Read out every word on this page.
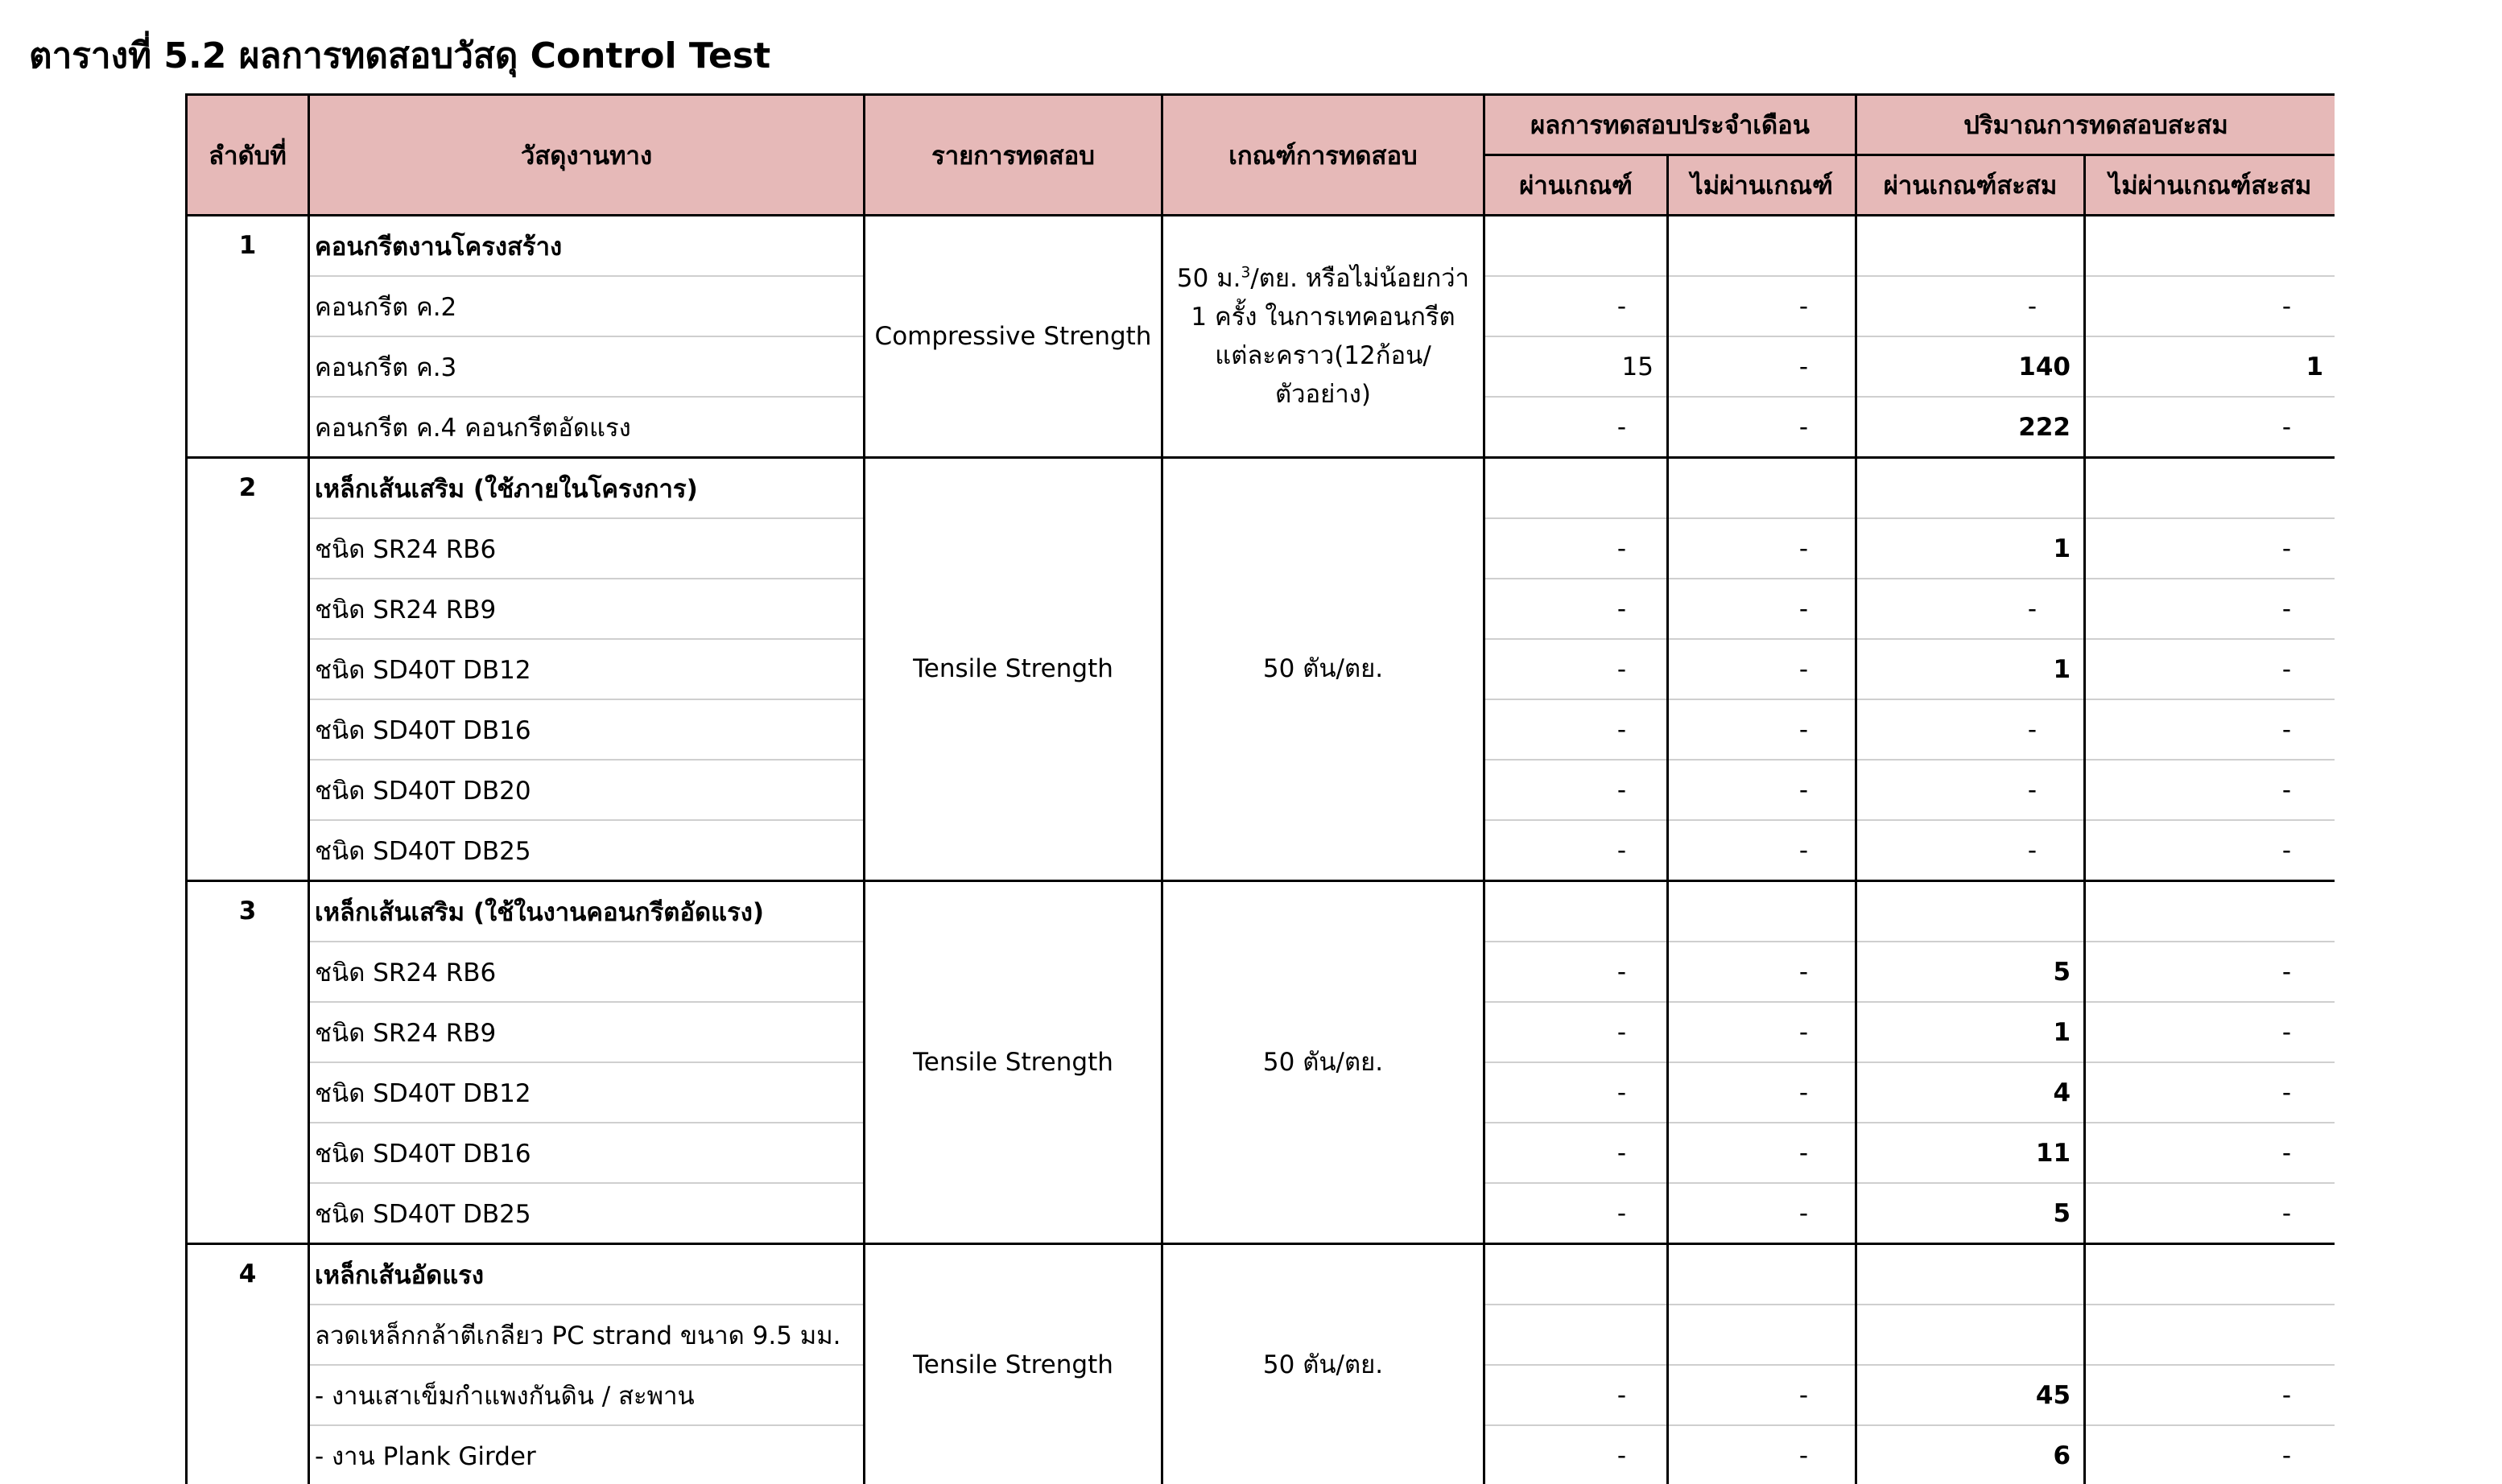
ตารางที่ 5.2 ผลการทดสอบวัสดุ Control Test
ลำดับที่	วัสดุงานทาง	รายการทดสอบ	เกณฑ์การทดสอบ	ผลการทดสอบประจำเดือน		ปริมาณการทดสอบสะสม	
				ผ่านเกณฑ์	ไม่ผ่านเกณฑ์	ผ่านเกณฑ์สะสม	ไม่ผ่านเกณฑ์สะสม
1	คอนกรีตงานโครงสร้าง	Compressive Strength	50 ม.$^3$/ตย. หรือไม่น้อยกว่า 1 ครั้ง ในการเทคอนกรีต แต่ละคราว(12ก้อน/ตัวอย่าง)				
	คอนกรีต ค.2			-	-	-	-
	คอนกรีต ค.3			15	-	140	1
	คอนกรีต ค.4 คอนกรีตอัดแรง			-	-	222	-
2	เหล็กเส้นเสริม (ใช้ภายในโครงการ)	Tensile Strength	50 ตัน/ตย.				
	ชนิด SR24 RB6			-	-	1	-
	ชนิด SR24 RB9			-	-	-	-
	ชนิด SD40T DB12			-	-	1	-
	ชนิด SD40T DB16			-	-	-	-
	ชนิด SD40T DB20			-	-	-	-
	ชนิด SD40T DB25			-	-	-	-
3	เหล็กเส้นเสริม (ใช้ในงานคอนกรีตอัดแรง)	Tensile Strength	50 ตัน/ตย.				
	ชนิด SR24 RB6			-	-	5	-
	ชนิด SR24 RB9			-	-	1	-
	ชนิด SD40T DB12			-	-	4	-
	ชนิด SD40T DB16			-	-	11	-
	ชนิด SD40T DB25			-	-	5	-
4	เหล็กเส้นอัดแรง	Tensile Strength	50 ตัน/ตย.				
	ลวดเหล็กกล้าตีเกลียว PC strand ขนาด 9.5 มม.						
	- งานเสาเข็มกำแพงกันดิน / สะพาน			-	-	45	-
	- งาน Plank Girder			-	-	6	-
